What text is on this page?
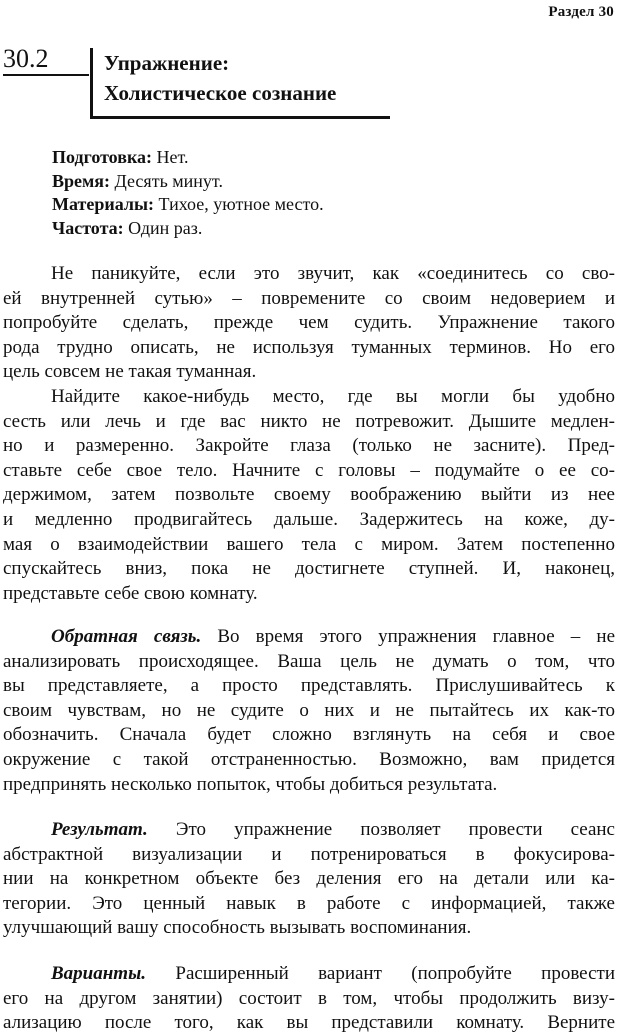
Раздел 30
30.2	Упражнение:
Холистическое сознание
Подготовка: Нет.
Время: Десять минут.
Материалы: Тихое, уютное место.
Частота: Один раз.
Не паникуйте, если это звучит, как «соединитесь со сво-
ей внутренней сутью» – повремените со своим недоверием и
попробуйте сделать, прежде чем судить. Упражнение такого
рода трудно описать, не используя туманных терминов. Но его
цель совсем не такая туманная.
Найдите какое-нибудь место, где вы могли бы удобно
сесть или лечь и где вас никто не потревожит. Дышите медлен-
но и размеренно. Закройте глаза (только не засните). Пред-
ставьте себе свое тело. Начните с головы – подумайте о ее со-
держимом, затем позвольте своему воображению выйти из нее
и медленно продвигайтесь дальше. Задержитесь на коже, ду-
мая о взаимодействии вашего тела с миром. Затем постепенно
спускайтесь вниз, пока не достигнете ступней. И, наконец,
представьте себе свою комнату.
Обратная связь. Во время этого упражнения главное – не
анализировать происходящее. Ваша цель не думать о том, что
вы представляете, а просто представлять. Прислушивайтесь к
своим чувствам, но не судите о них и не пытайтесь их как-то
обозначить. Сначала будет сложно взглянуть на себя и свое
окружение с такой отстраненностью. Возможно, вам придется
предпринять несколько попыток, чтобы добиться результата.
Результат. Это упражнение позволяет провести сеанс
абстрактной визуализации и потренироваться в фокусирова-
нии на конкретном объекте без деления его на детали или ка-
тегории. Это ценный навык в работе с информацией, также
улучшающий вашу способность вызывать воспоминания.
Варианты. Расширенный вариант (попробуйте провести
его на другом занятии) состоит в том, чтобы продолжить визу-
ализацию после того, как вы представили комнату. Верните
